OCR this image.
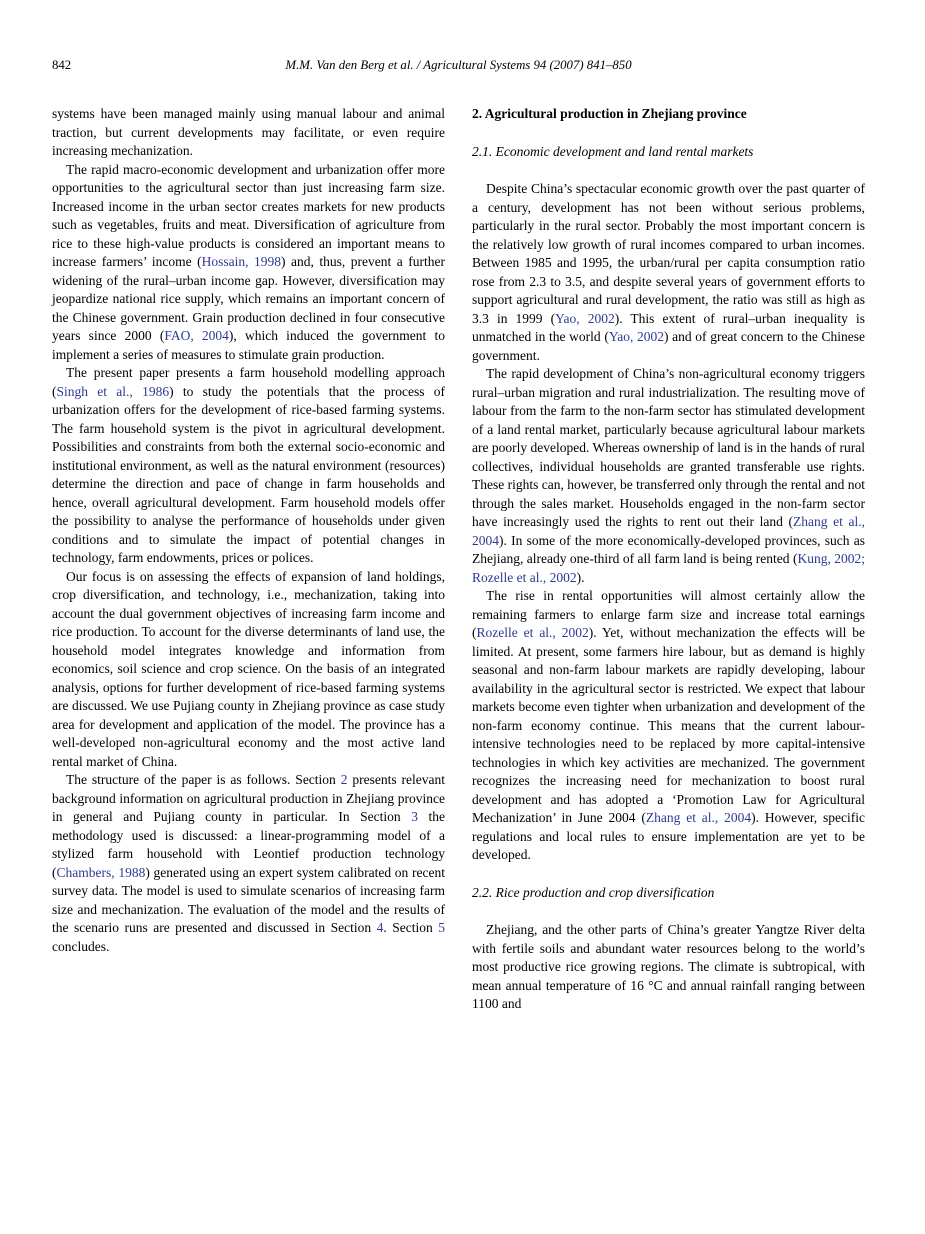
842	M.M. Van den Berg et al. / Agricultural Systems 94 (2007) 841–850

systems have been managed mainly using manual labour and animal traction, but current developments may facilitate, or even require increasing mechanization.

The rapid macro-economic development and urbanization offer more opportunities to the agricultural sector than just increasing farm size. Increased income in the urban sector creates markets for new products such as vegetables, fruits and meat. Diversification of agriculture from rice to these high-value products is considered an important means to increase farmers’ income (Hossain, 1998) and, thus, prevent a further widening of the rural–urban income gap. However, diversification may jeopardize national rice supply, which remains an important concern of the Chinese government. Grain production declined in four consecutive years since 2000 (FAO, 2004), which induced the government to implement a series of measures to stimulate grain production.

The present paper presents a farm household modelling approach (Singh et al., 1986) to study the potentials that the process of urbanization offers for the development of rice-based farming systems. The farm household system is the pivot in agricultural development. Possibilities and constraints from both the external socio-economic and institutional environment, as well as the natural environment (resources) determine the direction and pace of change in farm households and hence, overall agricultural development. Farm household models offer the possibility to analyse the performance of households under given conditions and to simulate the impact of potential changes in technology, farm endowments, prices or polices.

Our focus is on assessing the effects of expansion of land holdings, crop diversification, and technology, i.e., mechanization, taking into account the dual government objectives of increasing farm income and rice production. To account for the diverse determinants of land use, the household model integrates knowledge and information from economics, soil science and crop science. On the basis of an integrated analysis, options for further development of rice-based farming systems are discussed. We use Pujiang county in Zhejiang province as case study area for development and application of the model. The province has a well-developed non-agricultural economy and the most active land rental market of China.

The structure of the paper is as follows. Section 2 presents relevant background information on agricultural production in Zhejiang province in general and Pujiang county in particular. In Section 3 the methodology used is discussed: a linear-programming model of a stylized farm household with Leontief production technology (Chambers, 1988) generated using an expert system calibrated on recent survey data. The model is used to simulate scenarios of increasing farm size and mechanization. The evaluation of the model and the results of the scenario runs are presented and discussed in Section 4. Section 5 concludes.

2. Agricultural production in Zhejiang province
2.1. Economic development and land rental markets

Despite China’s spectacular economic growth over the past quarter of a century, development has not been without serious problems, particularly in the rural sector. Probably the most important concern is the relatively low growth of rural incomes compared to urban incomes. Between 1985 and 1995, the urban/rural per capita consumption ratio rose from 2.3 to 3.5, and despite several years of government efforts to support agricultural and rural development, the ratio was still as high as 3.3 in 1999 (Yao, 2002). This extent of rural–urban inequality is unmatched in the world (Yao, 2002) and of great concern to the Chinese government.

The rapid development of China’s non-agricultural economy triggers rural–urban migration and rural industrialization. The resulting move of labour from the farm to the non-farm sector has stimulated development of a land rental market, particularly because agricultural labour markets are poorly developed. Whereas ownership of land is in the hands of rural collectives, individual households are granted transferable use rights. These rights can, however, be transferred only through the rental and not through the sales market. Households engaged in the non-farm sector have increasingly used the rights to rent out their land (Zhang et al., 2004). In some of the more economically-developed provinces, such as Zhejiang, already one-third of all farm land is being rented (Kung, 2002; Rozelle et al., 2002).

The rise in rental opportunities will almost certainly allow the remaining farmers to enlarge farm size and increase total earnings (Rozelle et al., 2002). Yet, without mechanization the effects will be limited. At present, some farmers hire labour, but as demand is highly seasonal and non-farm labour markets are rapidly developing, labour availability in the agricultural sector is restricted. We expect that labour markets become even tighter when urbanization and development of the non-farm economy continue. This means that the current labour-intensive technologies need to be replaced by more capital-intensive technologies in which key activities are mechanized. The government recognizes the increasing need for mechanization to boost rural development and has adopted a ‘Promotion Law for Agricultural Mechanization’ in June 2004 (Zhang et al., 2004). However, specific regulations and local rules to ensure implementation are yet to be developed.

2.2. Rice production and crop diversification

Zhejiang, and the other parts of China’s greater Yangtze River delta with fertile soils and abundant water resources belong to the world’s most productive rice growing regions. The climate is subtropical, with mean annual temperature of 16 °C and annual rainfall ranging between 1100 and
